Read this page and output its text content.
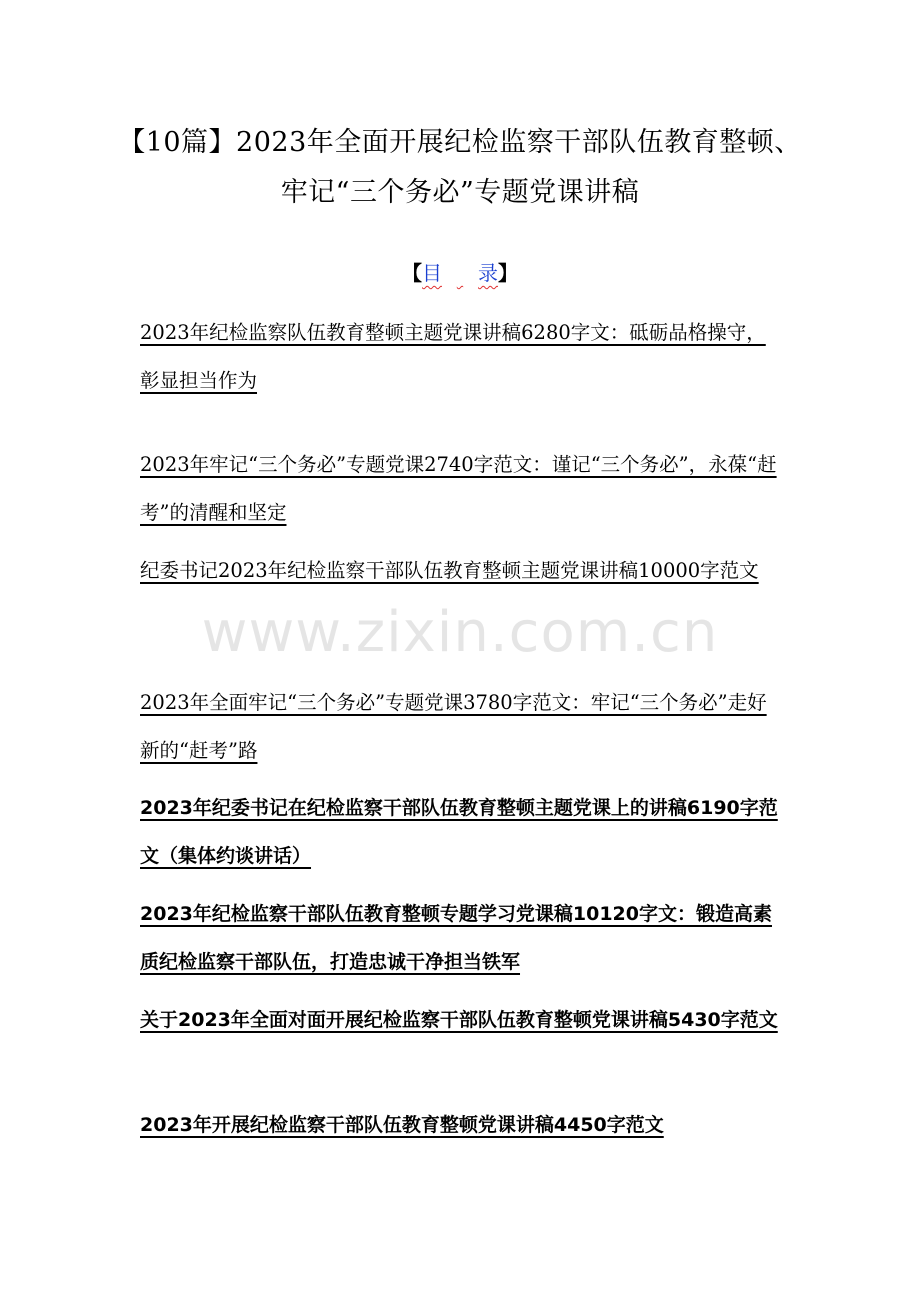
【10篇】2023年全面开展纪检监察干部队伍教育整顿、牢记“三个务必”专题党课讲稿
【目 录】
2023年纪检监察队伍教育整顿主题党课讲稿6280字文：砥砺品格操守，彰显担当作为
2023年牢记“三个务必”专题党课2740字范文：谨记“三个务必”，永葆“赶考”的清醒和坚定
纪委书记2023年纪检监察干部队伍教育整顿主题党课讲稿10000字范文
2023年全面牢记“三个务必”专题党课3780字范文：牢记“三个务必”走好新的“赶考”路
2023年纪委书记在纪检监察干部队伍教育整顿主题党课上的讲稿6190字范文（集体约谈讲话）
2023年纪检监察干部队伍教育整顿专题学习党课稿10120字文：锻造高素质纪检监察干部队伍，打造忠诚干净担当铁军
关于2023年全面对面开展纪检监察干部队伍教育整顿党课讲稿5430字范文
2023年开展纪检监察干部队伍教育整顿党课讲稿4450字范文
www.zixin.com.cn
